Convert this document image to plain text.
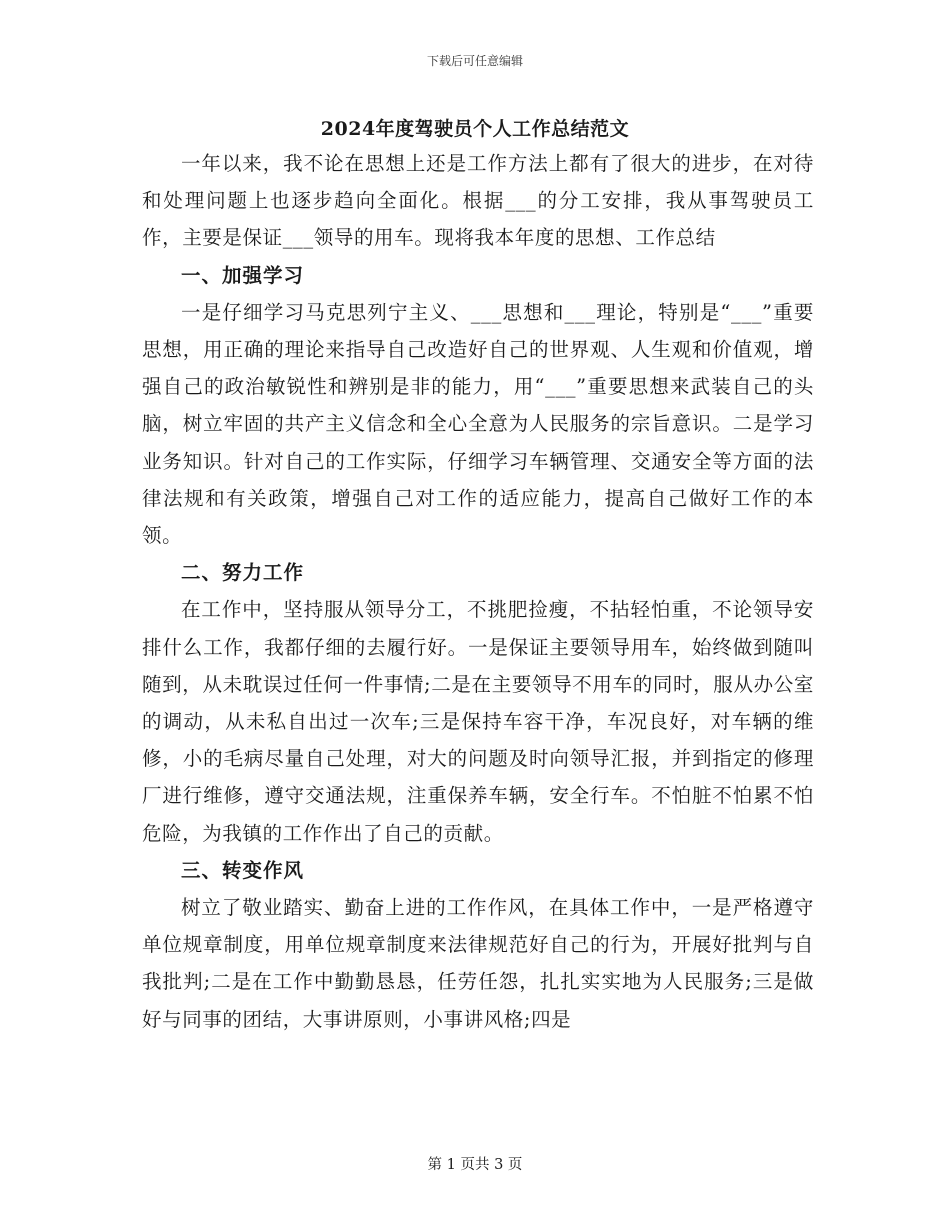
下载后可任意编辑
2024年度驾驶员个人工作总结范文

一年以来，我不论在思想上还是工作方法上都有了很大的进步，在对待和处理问题上也逐步趋向全面化。根据___的分工安排，我从事驾驶员工作，主要是保证___领导的用车。现将我本年度的思想、工作总结

一、加强学习

一是仔细学习马克思列宁主义、___思想和___理论，特别是“___”重要思想，用正确的理论来指导自己改造好自己的世界观、人生观和价值观，增强自己的政治敏锐性和辨别是非的能力，用“___”重要思想来武装自己的头脑，树立牢固的共产主义信念和全心全意为人民服务的宗旨意识。二是学习业务知识。针对自己的工作实际，仔细学习车辆管理、交通安全等方面的法律法规和有关政策，增强自己对工作的适应能力，提高自己做好工作的本领。

二、努力工作

在工作中，坚持服从领导分工，不挑肥捡瘦，不拈轻怕重，不论领导安排什么工作，我都仔细的去履行好。一是保证主要领导用车，始终做到随叫随到，从未耽误过任何一件事情;二是在主要领导不用车的同时，服从办公室的调动，从未私自出过一次车;三是保持车容干净，车况良好，对车辆的维修，小的毛病尽量自己处理，对大的问题及时向领导汇报，并到指定的修理厂进行维修，遵守交通法规，注重保养车辆，安全行车。不怕脏不怕累不怕危险，为我镇的工作作出了自己的贡献。

三、转变作风

树立了敬业踏实、勤奋上进的工作作风，在具体工作中，一是严格遵守单位规章制度，用单位规章制度来法律规范好自己的行为，开展好批判与自我批判;二是在工作中勤勤恳恳，任劳任怨，扎扎实实地为人民服务;三是做好与同事的团结，大事讲原则，小事讲风格;四是

第 1 页共 3 页
